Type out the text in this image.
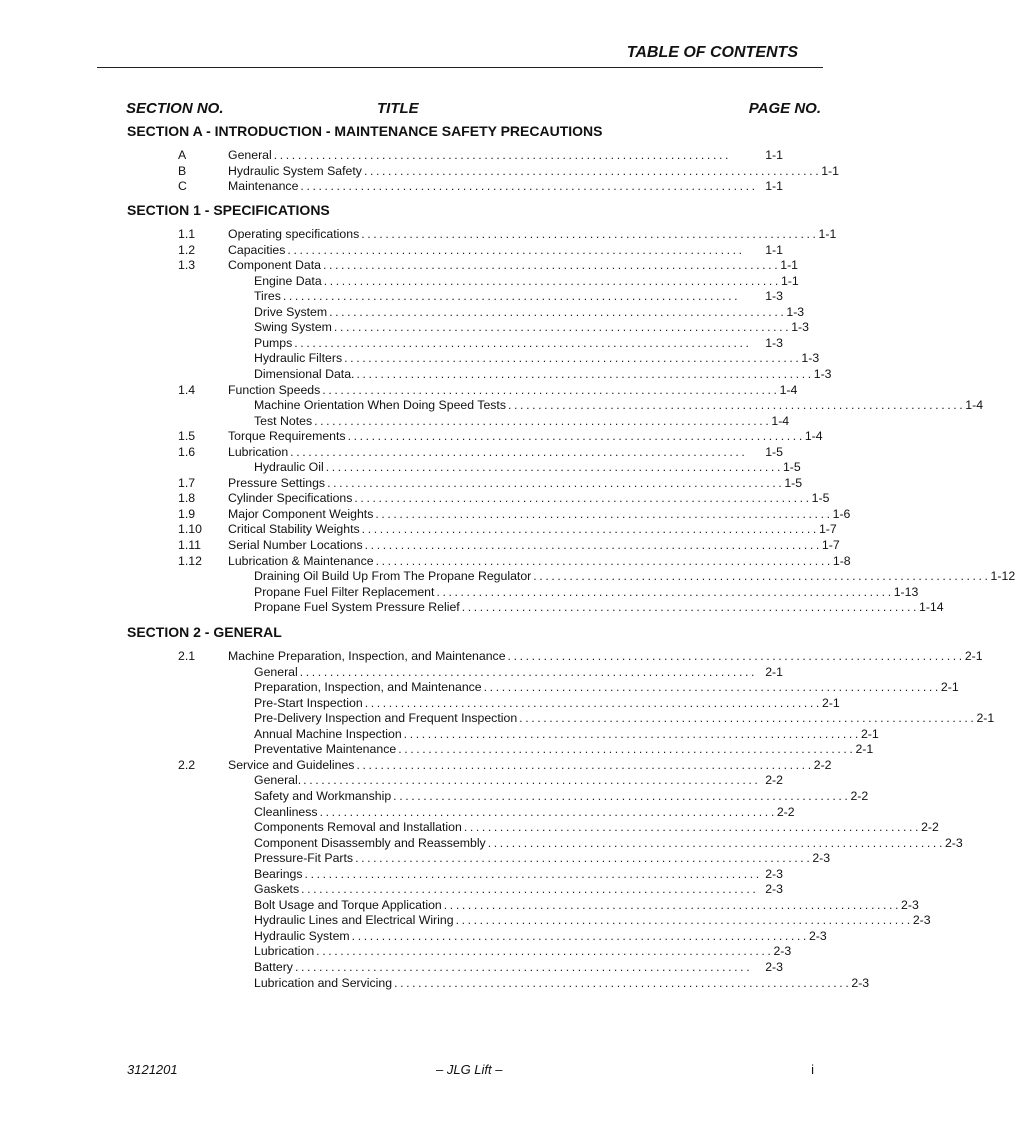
TABLE OF CONTENTS
SECTION NO.	TITLE	PAGE NO.
SECTION A - INTRODUCTION - MAINTENANCE SAFETY PRECAUTIONS
A	General ............................................................................	1-1
B	Hydraulic System Safety ............................................................................ 1-1
C	Maintenance ............................................................................ 1-1
SECTION 1 - SPECIFICATIONS
1.1	Operating specifications ............................................................................ 1-1
1.2	Capacities ............................................................................	1-1
1.3	Component Data ............................................................................ 1-1
Engine Data ............................................................................ 1-1
Tires ............................................................................	1-3
Drive System ............................................................................ 1-3
Swing System ............................................................................ 1-3
Pumps ............................................................................	1-3
Hydraulic Filters ............................................................................ 1-3
Dimensional Data. ............................................................................ 1-3
1.4	Function Speeds ............................................................................ 1-4
Machine Orientation When Doing Speed Tests ............................................................................ 1-4
Test Notes ............................................................................ 1-4
1.5	Torque Requirements ............................................................................ 1-4
1.6	Lubrication ............................................................................	1-5
Hydraulic Oil ............................................................................ 1-5
1.7	Pressure Settings ............................................................................ 1-5
1.8	Cylinder Specifications ............................................................................ 1-5
1.9	Major Component Weights ............................................................................ 1-6
1.10 Critical Stability Weights ............................................................................ 1-7
1.11 Serial Number Locations ............................................................................ 1-7
1.12 Lubrication & Maintenance ............................................................................ 1-8
Draining Oil Build Up From The Propane Regulator ............................................................................ 1-12
Propane Fuel Filter Replacement ............................................................................ 1-13
Propane Fuel System Pressure Relief ............................................................................ 1-14
SECTION 2 - GENERAL
2.1	Machine Preparation, Inspection, and Maintenance ............................................................................ 2-1
General ............................................................................ 2-1
Preparation, Inspection, and Maintenance ............................................................................ 2-1
Pre-Start Inspection ............................................................................ 2-1
Pre-Delivery Inspection and Frequent Inspection ............................................................................ 2-1
Annual Machine Inspection ............................................................................ 2-1
Preventative Maintenance ............................................................................ 2-1
2.2	Service and Guidelines ............................................................................ 2-2
General. ............................................................................ 2-2
Safety and Workmanship ............................................................................ 2-2
Cleanliness ............................................................................ 2-2
Components Removal and Installation ............................................................................ 2-2
Component Disassembly and Reassembly ............................................................................ 2-3
Pressure-Fit Parts ............................................................................ 2-3
Bearings ............................................................................ 2-3
Gaskets ............................................................................ 2-3
Bolt Usage and Torque Application ............................................................................ 2-3
Hydraulic Lines and Electrical Wiring ............................................................................ 2-3
Hydraulic System ............................................................................ 2-3
Lubrication ............................................................................ 2-3
Battery ............................................................................	2-3
Lubrication and Servicing ............................................................................ 2-3
3121201	– JLG Lift –	i
